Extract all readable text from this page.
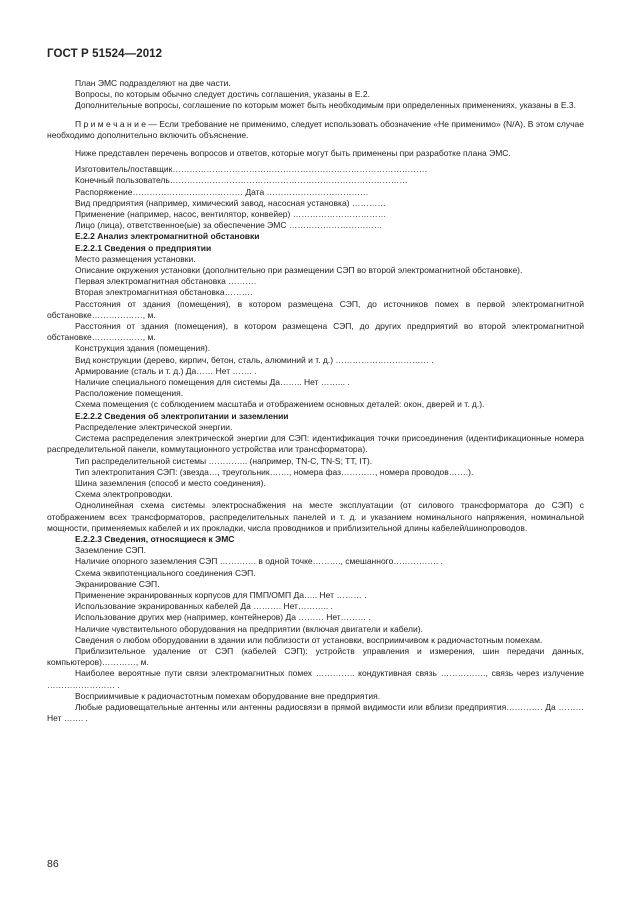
ГОСТ Р 51524—2012

План ЭМС подразделяют на две части.

Вопросы, по которым обычно следует достичь соглашения, указаны в Е.2.

Дополнительные вопросы, соглашение по которым может быть необходимым при определенных применениях, указаны в Е.3.

П р и м е ч а н и е — Если требование не применимо, следует использовать обозначение «Не применимо» (N/A). В этом случае необходимо дополнительно включить объяснение.

Ниже представлен перечень вопросов и ответов, которые могут быть применены при разработке плана ЭМС.

Изготовитель/поставщик………………………………………………………………………………

Конечный пользователь…………………………………………………………………………

Распоряжение………………………………… Дата ………………………………

Вид предприятия (например, химический завод, насосная установка) …………

Применение (например, насос, вентилятор, конвейер) ……………………………

Лицо (лица), ответственное(ые) за обеспечение ЭМС ……………………………

Е.2.2 Анализ электромагнитной обстановки

Е.2.2.1 Сведения о предприятии

Место размещения установки.

Описание окружения установки (дополнительно при размещении СЭП во второй электромагнитной обстановке).

Первая электромагнитная обстановка ……….

Вторая электромагнитная обстановка……….

Расстояния от здания (помещения), в котором размещена СЭП, до источников помех в первой электромагнитной обстановке………………, м.

Расстояния от здания (помещения), в котором размещена СЭП, до других предприятий во второй электромагнитной обстановке………………, м.

Конструкция здания (помещения).

Вид конструкции (дерево, кирпич, бетон, сталь, алюминий и т. д.) …………………………… .

Армирование (сталь и т. д.) Да…… Нет ……. .

Наличие специального помещения для системы Да…….. Нет ……... .

Расположение помещения.

Схема помещения (с соблюдением масштаба и отображением основных деталей: окон, дверей и т. д.).

Е.2.2.2 Сведения об электропитании и заземлении

Распределение электрической энергии.

Система распределения электрической энергии для СЭП: идентификация точки присоединения (идентификационные номера распределительной панели, коммутационного устройства или трансформатора).

Тип распределительной системы ………….. (например, TN-C, TN-S; TT, IT).

Тип электропитания СЭП: (звезда…, треугольник……., номера фаз…………, номера проводов…….).

Шина заземления (способ и место соединения).

Схема электропроводки.

Однолинейная схема системы электроснабжения на месте эксплуатации (от силового трансформатора до СЭП) с отображением всех трансформаторов, распределительных панелей и т. д. и указанием номинального напряжения, номинальной мощности, применяемых кабелей и их прокладки, числа проводников и приблизительной длины кабелей/шинопроводов.

Е.2.2.3 Сведения, относящиеся к ЭМС

Заземление СЭП.

Наличие опорного заземления СЭП …………. в одной точке………., смешанного……………. .

Схема эквипотенциального соединения СЭП.

Экранирование СЭП.

Применение экранированных корпусов для ПМП/ОМП Да….. Нет ……… .

Использование экранированных кабелей Да ………. Нет……….. .

Использование других мер (например, контейнеров) Да ……… Нет……… .

Наличие чувствительного оборудования на предприятии (включая двигатели и кабели).

Сведения о любом оборудовании в здании или поблизости от установки, восприимчивом к радиочастотным помехам.

Приблизительное удаление от СЭП (кабелей СЭП): устройств управления и измерения, шин передачи данных, компьютеров)…………, м.

Наиболее вероятные пути связи электромагнитных помех ………….. кондуктивная связь ……………., связь через излучение …………………… .

Восприимчивые к радиочастотным помехам оборудование вне предприятия.

Любые радиовещательные антенны или антенны радиосвязи в прямой видимости или вблизи предприятия…………. Да ……… Нет ……. .

86
